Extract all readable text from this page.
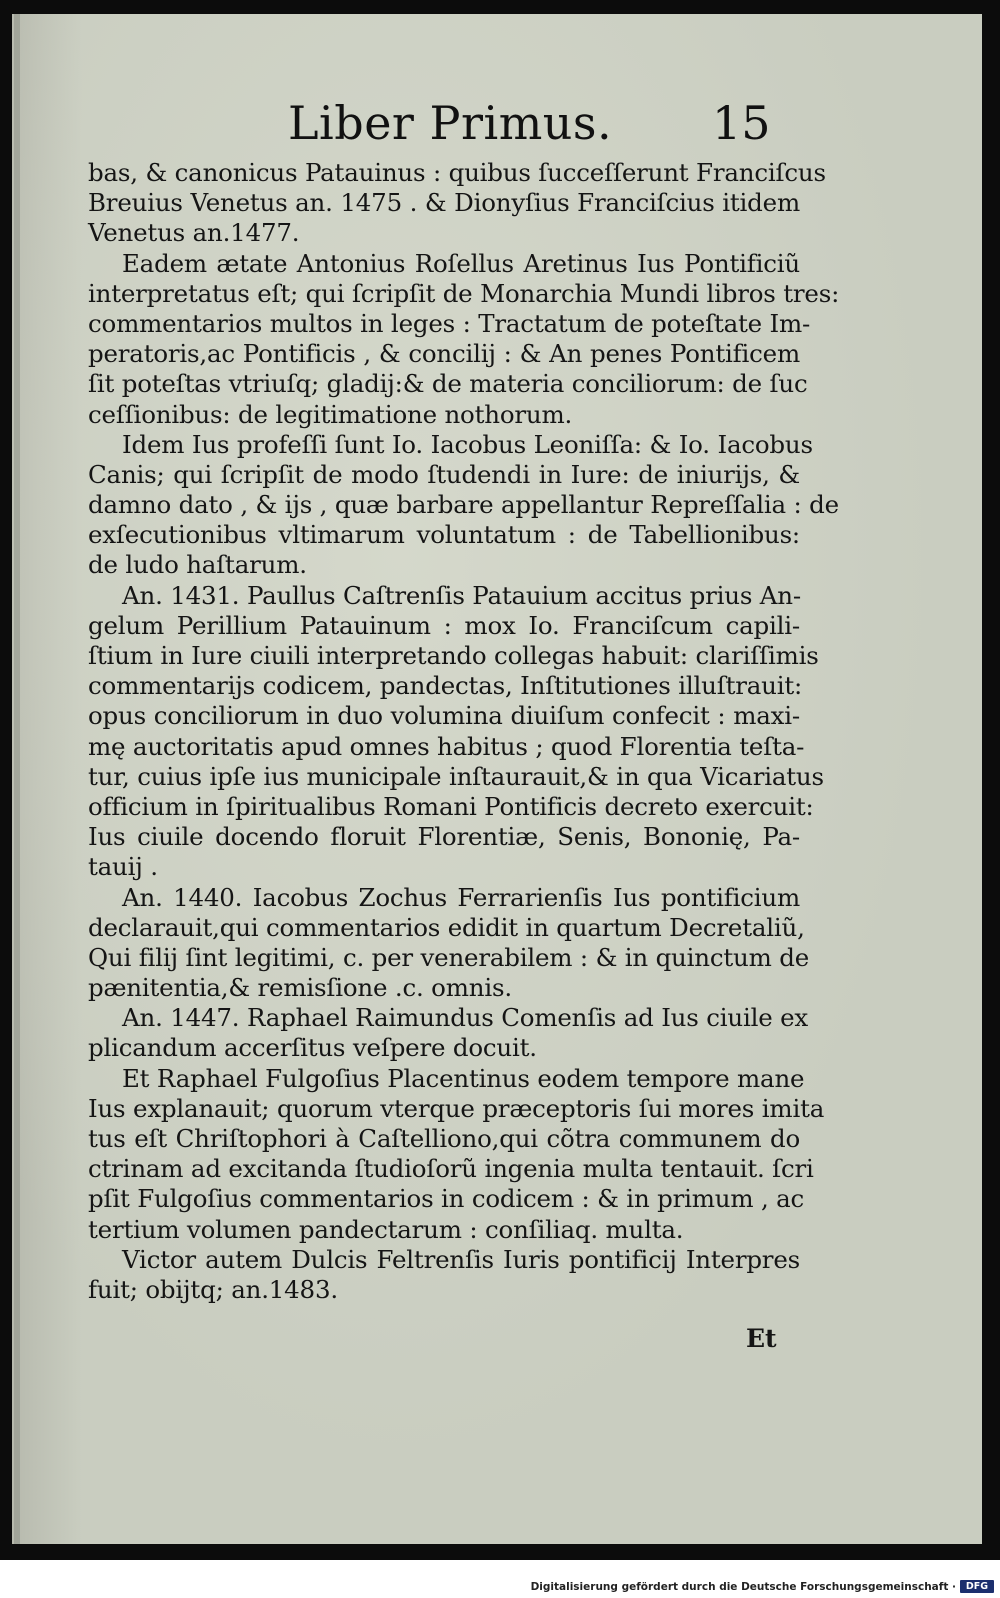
Liber Primus. 15
bas, & canonicus Patauinus : quibus ſucceſſerunt Franciſcus
Breuius Venetus an. 1475 . & Dionyſius Franciſcius itidem
Venetus an.1477.
Eadem ætate Antonius Roſellus Aretinus Ius Pontificiũ
interpretatus eſt; qui ſcripſit de Monarchia Mundi libros tres:
commentarios multos in leges : Tractatum de poteſtate Im-
peratoris,ac Pontificis , & concilij : & An penes Pontificem
ſit poteſtas vtriuſq; gladij:& de materia conciliorum: de ſuc
ceſſionibus: de legitimatione nothorum.
Idem Ius profeſſi ſunt Io. Iacobus Leoniſſa: & Io. Iacobus
Canis; qui ſcripſit de modo ſtudendi in Iure: de iniurijs, &
damno dato , & ijs , quæ barbare appellantur Repreſſalia : de
exſecutionibus vltimarum voluntatum : de Tabellionibus:
de ludo haſtarum.
An. 1431. Paullus Caſtrenſis Patauium accitus prius An-
gelum Perillium Patauinum : mox Io. Franciſcum capili-
ſtium in Iure ciuili interpretando collegas habuit: clariſſimis
commentarijs codicem, pandectas, Inſtitutiones illuſtrauit:
opus conciliorum in duo volumina diuiſum confecit : maxi-
mę auctoritatis apud omnes habitus ; quod Florentia teſta-
tur, cuius ipſe ius municipale inſtaurauit,& in qua Vicariatus
officium in ſpiritualibus Romani Pontificis decreto exercuit:
Ius ciuile docendo floruit Florentiæ, Senis, Bononię, Pa-
tauij .
An. 1440. Iacobus Zochus Ferrarienſis Ius pontificium
declarauit,qui commentarios edidit in quartum Decretaliũ,
Qui filij ſint legitimi, c. per venerabilem : & in quinctum de
pænitentia,& remisſione .c. omnis.
An. 1447. Raphael Raimundus Comenſis ad Ius ciuile ex
plicandum accerſitus veſpere docuit.
Et Raphael Fulgoſius Placentinus eodem tempore mane
Ius explanauit; quorum vterque præceptoris ſui mores imita
tus eſt Chriſtophori à Caſtelliono,qui cõtra communem do
ctrinam ad excitanda ſtudioſorũ ingenia multa tentauit. ſcri
pſit Fulgoſius commentarios in codicem : & in primum , ac
tertium volumen pandectarum : conſiliaq. multa.
Victor autem Dulcis Feltrenſis Iuris pontificij Interpres
fuit; obijtq; an.1483.
Et
Digitalisierung gefördert durch die Deutsche Forschungsgemeinschaft ·	DFG
